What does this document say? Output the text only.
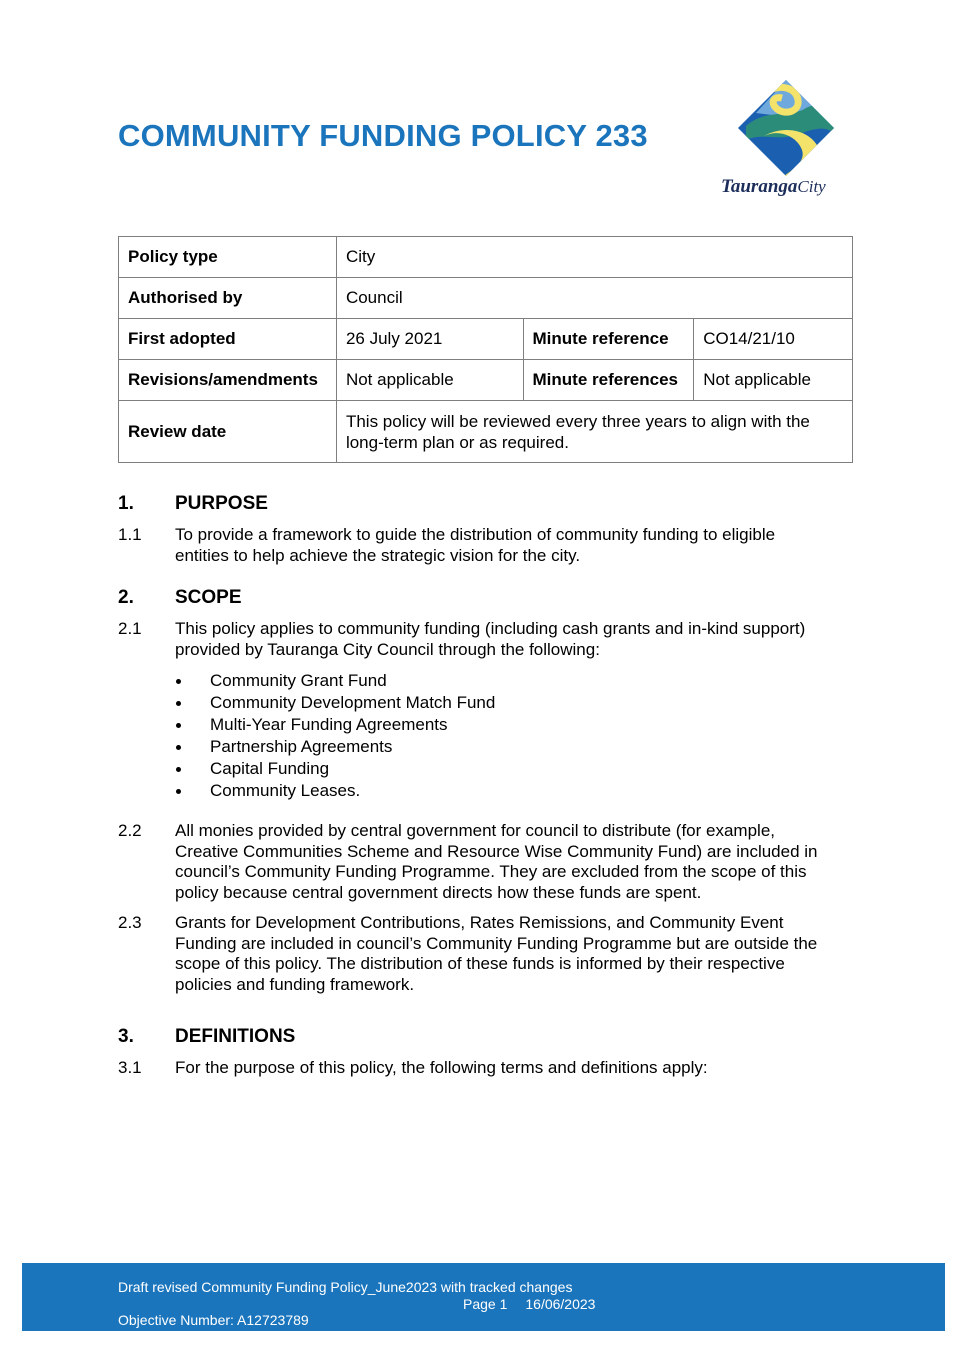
COMMUNITY FUNDING POLICY 233
TaurangaCity
Policy type	City		
Authorised by	Council		
First adopted	26 July 2021	Minute reference	CO14/21/10
Revisions/amendments	Not applicable	Minute references	Not applicable
Review date	This policy will be reviewed every three years to align with the
long-term plan or as required.		
1. PURPOSE
1.1 To provide a framework to guide the distribution of community funding to eligible
entities to help achieve the strategic vision for the city.
2. SCOPE
2.1 This policy applies to community funding (including cash grants and in-kind support)
provided by Tauranga City Council through the following:
Community Grant Fund
Community Development Match Fund
Multi-Year Funding Agreements
Partnership Agreements
Capital Funding
Community Leases.
2.2 All monies provided by central government for council to distribute (for example,
Creative Communities Scheme and Resource Wise Community Fund) are included in
council’s Community Funding Programme. They are excluded from the scope of this
policy because central government directs how these funds are spent.
2.3 Grants for Development Contributions, Rates Remissions, and Community Event
Funding are included in council’s Community Funding Programme but are outside the
scope of this policy. The distribution of these funds is informed by their respective
policies and funding framework.
3. DEFINITIONS
3.1 For the purpose of this policy, the following terms and definitions apply:
Draft revised Community Funding Policy_June2023 with tracked changes
Page 1 16/06/2023
Objective Number: A12723789
